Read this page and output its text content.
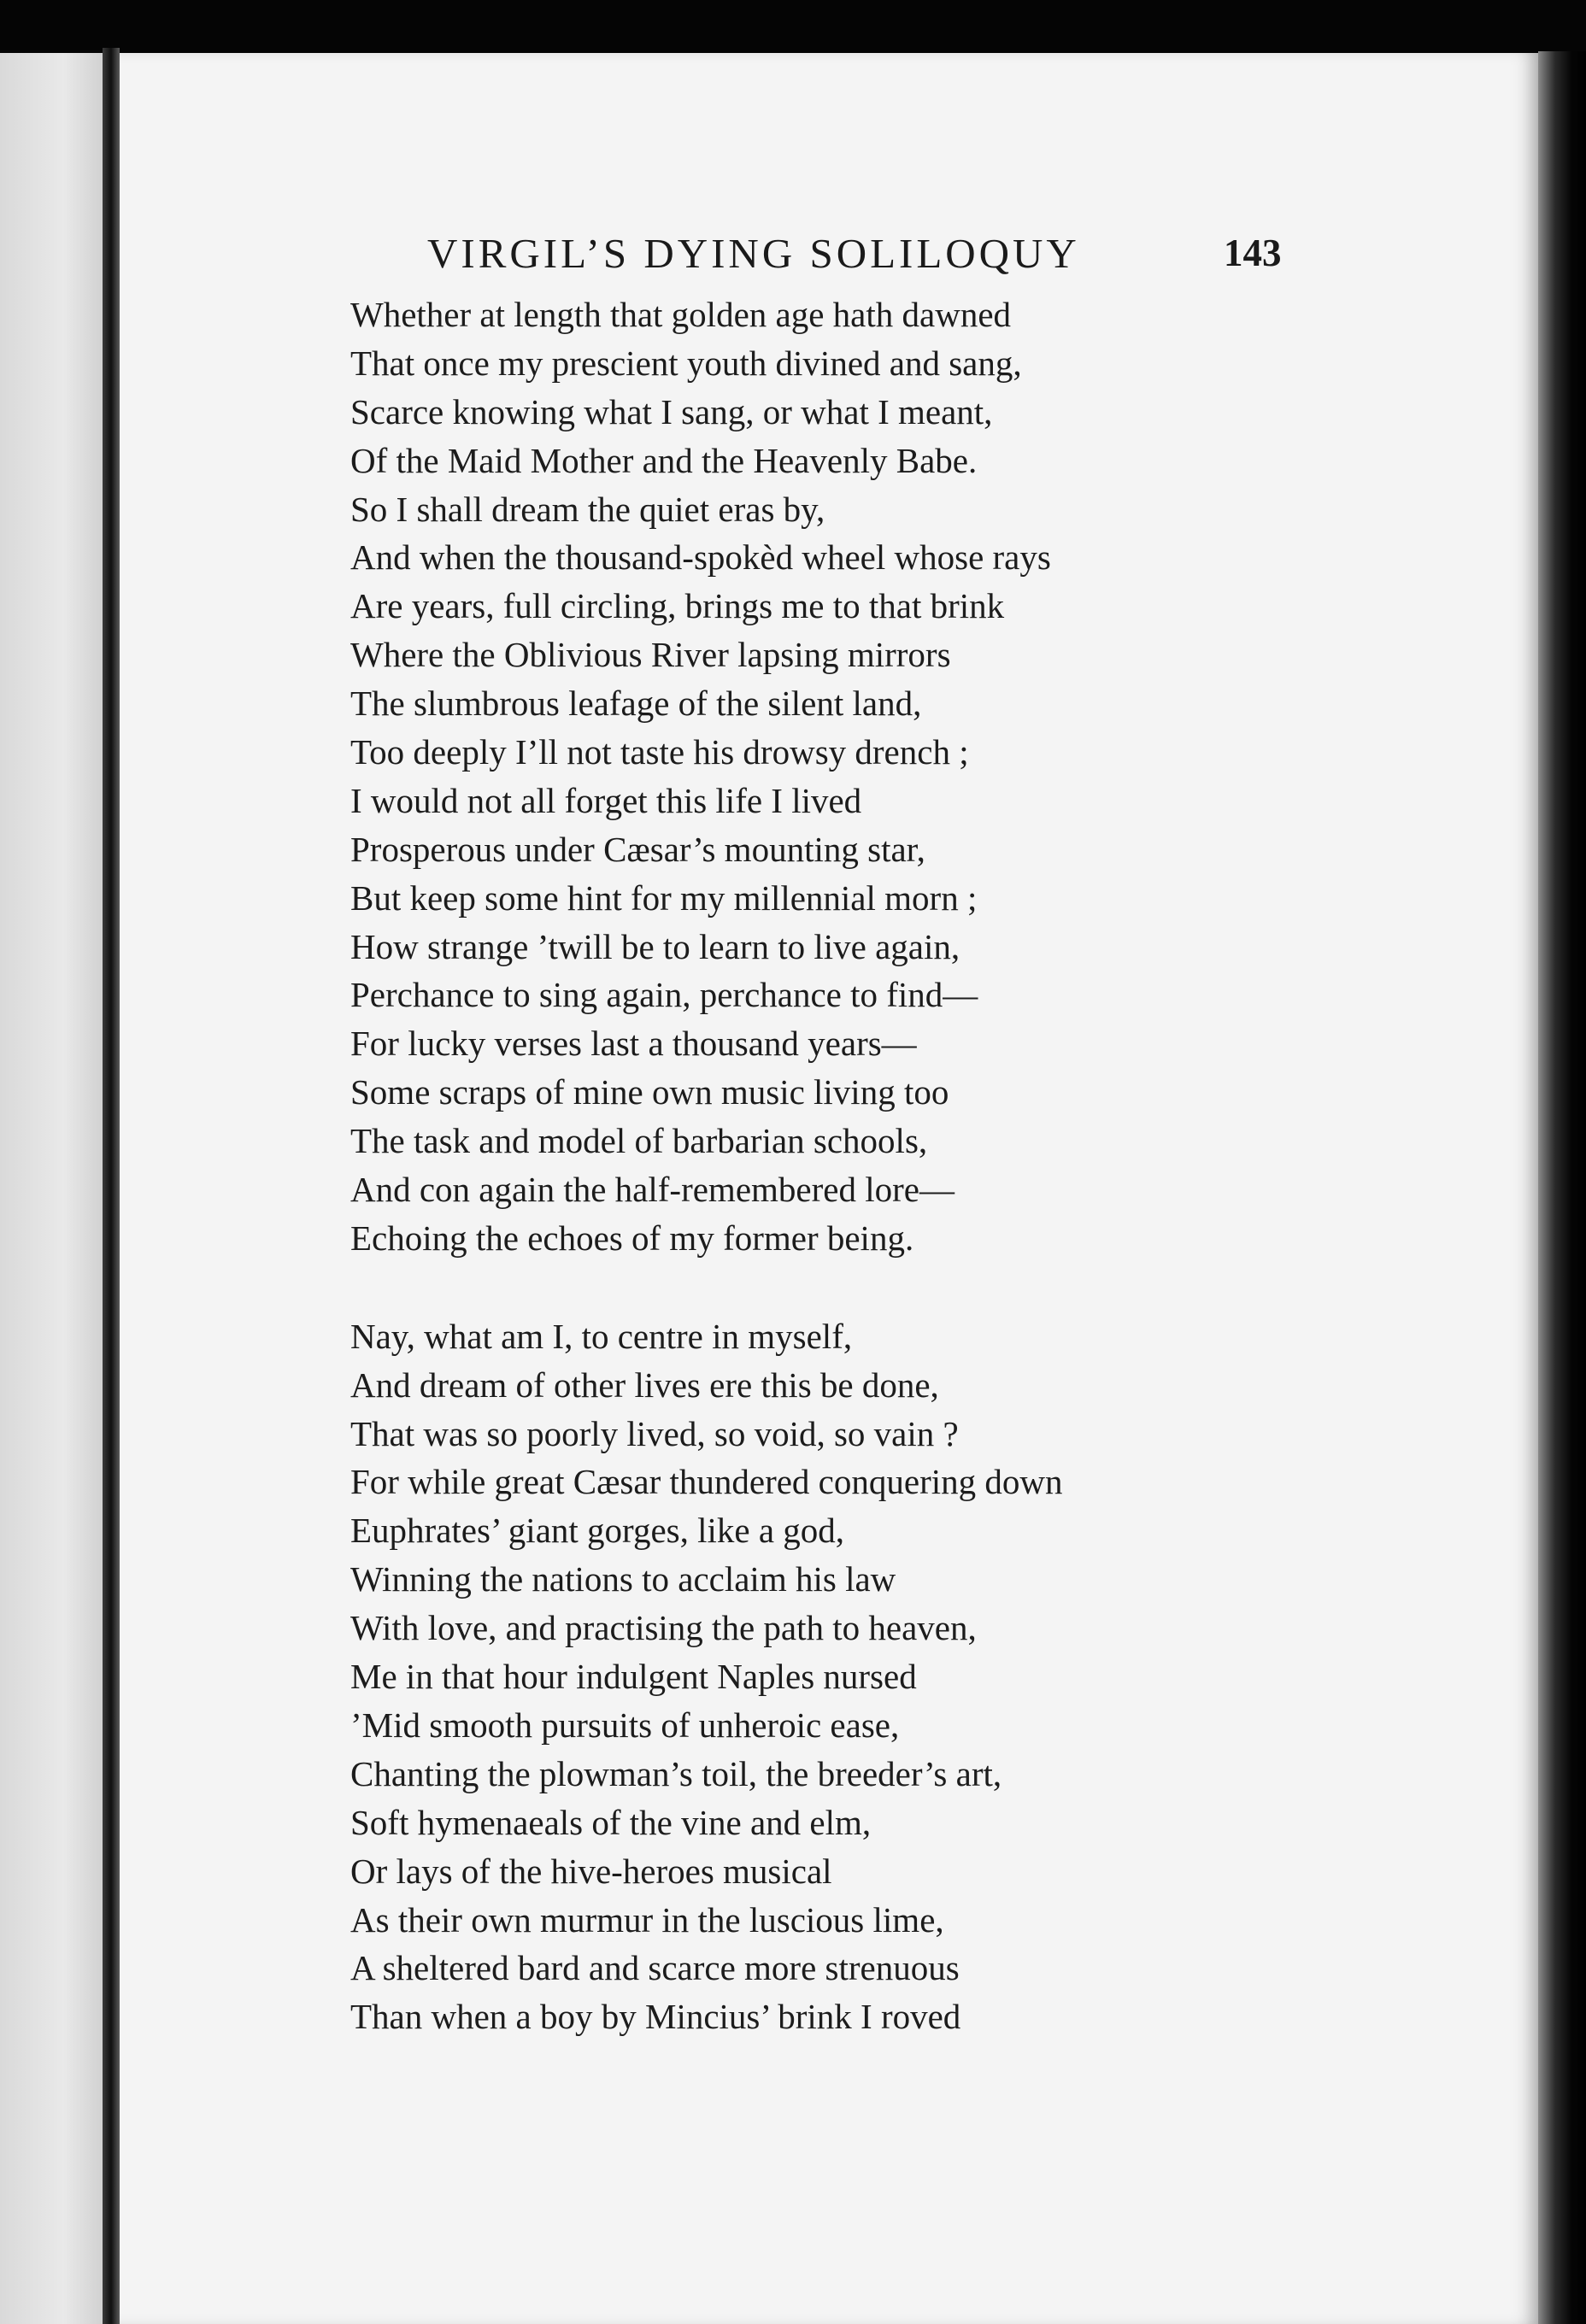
VIRGIL’S DYING SOLILOQUY	143
Whether at length that golden age hath dawned
That once my prescient youth divined and sang,
Scarce knowing what I sang, or what I meant,
Of the Maid Mother and the Heavenly Babe.
So I shall dream the quiet eras by,
And when the thousand-spokèd wheel whose rays
Are years, full circling, brings me to that brink
Where the Oblivious River lapsing mirrors
The slumbrous leafage of the silent land,
Too deeply I’ll not taste his drowsy drench ;
I would not all forget this life I lived
Prosperous under Cæsar’s mounting star,
But keep some hint for my millennial morn ;
How strange ’twill be to learn to live again,
Perchance to sing again, perchance to find—
For lucky verses last a thousand years—
Some scraps of mine own music living too
The task and model of barbarian schools,
And con again the half-remembered lore—
Echoing the echoes of my former being.
Nay, what am I, to centre in myself,
And dream of other lives ere this be done,
That was so poorly lived, so void, so vain ?
For while great Cæsar thundered conquering down
Euphrates’ giant gorges, like a god,
Winning the nations to acclaim his law
With love, and practising the path to heaven,
Me in that hour indulgent Naples nursed
’Mid smooth pursuits of unheroic ease,
Chanting the plowman’s toil, the breeder’s art,
Soft hymenaeals of the vine and elm,
Or lays of the hive-heroes musical
As their own murmur in the luscious lime,
A sheltered bard and scarce more strenuous
Than when a boy by Mincius’ brink I roved
